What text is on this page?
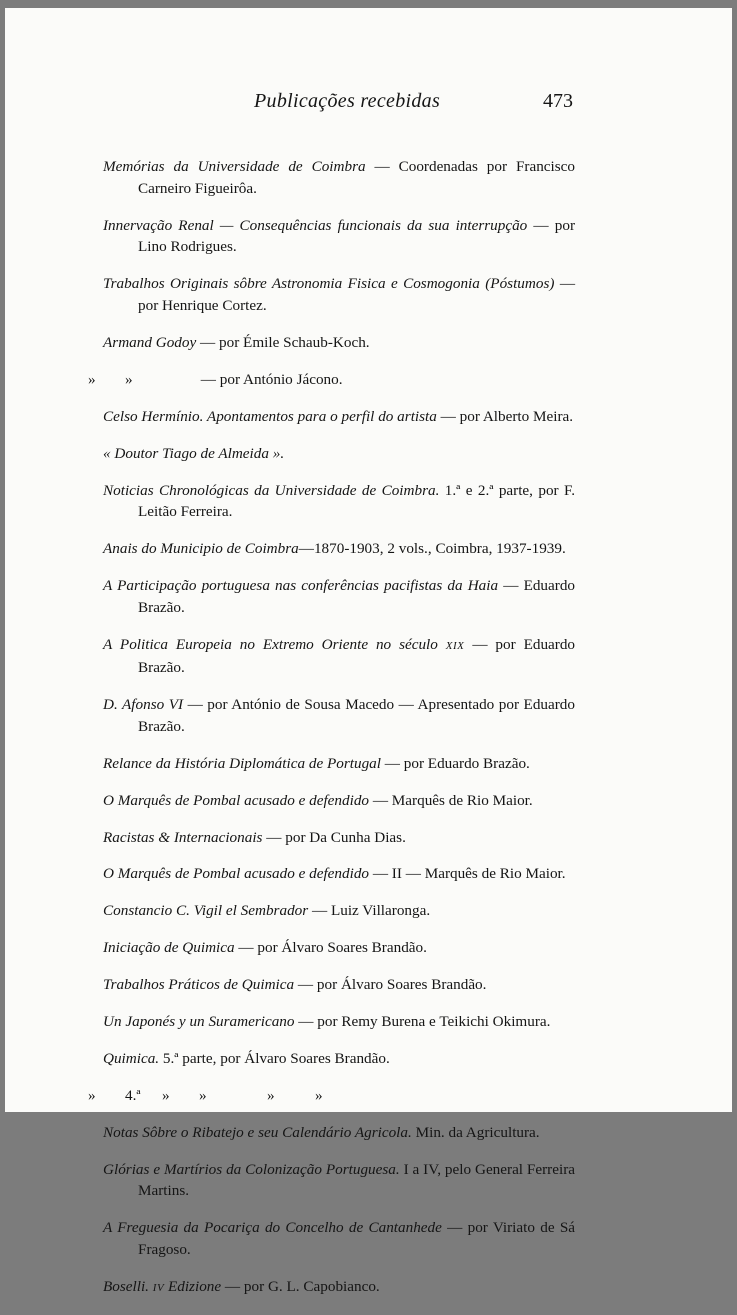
Publicações recebidas	473

Memórias da Universidade de Coimbra — Coordenadas por Francisco Carneiro Figueirôa.

Innervação Renal — Consequências funcionais da sua interrupção — por Lino Rodrigues.

Trabalhos Originais sôbre Astronomia Fisica e Cosmogonia (Póstumos) — por Henrique Cortez.

Armand Godoy — por Émile Schaub-Koch.

» »	— por António Jácono.

Celso Hermínio. Apontamentos para o perfil do artista — por Alberto Meira.

« Doutor Tiago de Almeida ».

Noticias Chronológicas da Universidade de Coimbra. 1.ª e 2.ª parte, por F. Leitão Ferreira.

Anais do Municipio de Coimbra—1870-1903, 2 vols., Coimbra, 1937-1939.

A Participação portuguesa nas conferências pacifistas da Haia — Eduardo Brazão.

A Politica Europeia no Extremo Oriente no século XIX — por Eduardo Brazão.

D. Afonso VI — por António de Sousa Macedo — Apresentado por Eduardo Brazão.

Relance da História Diplomática de Portugal — por Eduardo Brazão.

O Marquês de Pombal acusado e defendido — Marquês de Rio Maior.

Racistas & Internacionais — por Da Cunha Dias.

O Marquês de Pombal acusado e defendido — II — Marquês de Rio Maior.

Constancio C. Vigil el Sembrador — Luiz Villaronga.

Iniciação de Quimica — por Álvaro Soares Brandão.

Trabalhos Práticos de Quimica — por Álvaro Soares Brandão.

Un Japonés y un Suramericano — por Remy Burena e Teikichi Okimura.

Quimica. 5.ª parte, por Álvaro Soares Brandão.

» 4.ª » »	»	»

Notas Sôbre o Ribatejo e seu Calendário Agricola. Min. da Agricultura.

Glórias e Martírios da Colonização Portuguesa. I a IV, pelo General Ferreira Martins.

A Freguesia da Pocariça do Concelho de Cantanhede — por Viriato de Sá Fragoso.

Boselli. IV Edizione — por G. L. Capobianco.
